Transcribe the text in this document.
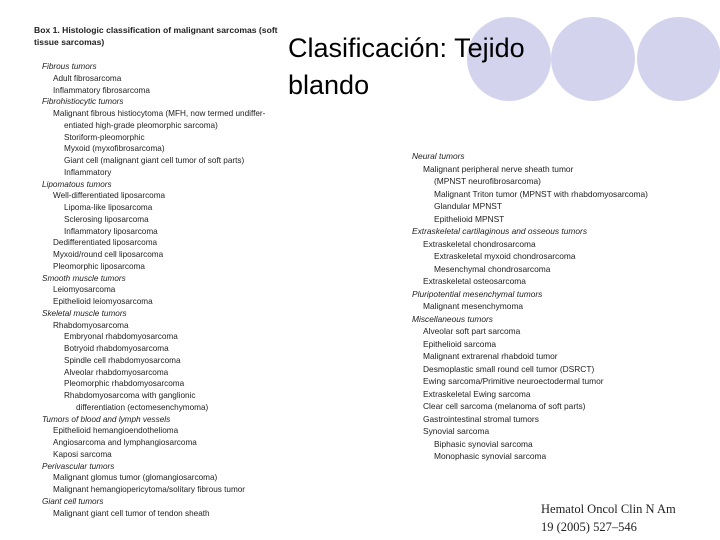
Clasificación: Tejido
blando
Box 1. Histologic classification of malignant sarcomas (soft tissue sarcomas)
Fibrous tumors
Adult fibrosarcoma
Inflammatory fibrosarcoma
Fibrohistiocytic tumors
Malignant fibrous histiocytoma (MFH, now termed undiffer-
entiated high-grade pleomorphic sarcoma)
Storiform-pleomorphic
Myxoid (myxofibrosarcoma)
Giant cell (malignant giant cell tumor of soft parts)
Inflammatory
Lipomatous tumors
Well-differentiated liposarcoma
Lipoma-like liposarcoma
Sclerosing liposarcoma
Inflammatory liposarcoma
Dedifferentiated liposarcoma
Myxoid/round cell liposarcoma
Pleomorphic liposarcoma
Smooth muscle tumors
Leiomyosarcoma
Epithelioid leiomyosarcoma
Skeletal muscle tumors
Rhabdomyosarcoma
Embryonal rhabdomyosarcoma
Botryoid rhabdomyosarcoma
Spindle cell rhabdomyosarcoma
Alveolar rhabdomyosarcoma
Pleomorphic rhabdomyosarcoma
Rhabdomyosarcoma with ganglionic
differentiation (ectomesenchymoma)
Tumors of blood and lymph vessels
Epithelioid hemangioendothelioma
Angiosarcoma and lymphangiosarcoma
Kaposi sarcoma
Perivascular tumors
Malignant glomus tumor (glomangiosarcoma)
Malignant hemangiopericytoma/solitary fibrous tumor
Giant cell tumors
Malignant giant cell tumor of tendon sheath
Neural tumors
Malignant peripheral nerve sheath tumor
(MPNST neurofibrosarcoma)
Malignant Triton tumor (MPNST with rhabdomyosarcoma)
Glandular MPNST
Epithelioid MPNST
Extraskeletal cartilaginous and osseous tumors
Extraskeletal chondrosarcoma
Extraskeletal myxoid chondrosarcoma
Mesenchymal chondrosarcoma
Extraskeletal osteosarcoma
Pluripotential mesenchymal tumors
Malignant mesenchymoma
Miscellaneous tumors
Alveolar soft part sarcoma
Epithelioid sarcoma
Malignant extrarenal rhabdoid tumor
Desmoplastic small round cell tumor (DSRCT)
Ewing sarcoma/Primitive neuroectodermal tumor
Extraskeletal Ewing sarcoma
Clear cell sarcoma (melanoma of soft parts)
Gastrointestinal stromal tumors
Synovial sarcoma
Biphasic synovial sarcoma
Monophasic synovial sarcoma
Hematol Oncol Clin N Am
19 (2005) 527–546
